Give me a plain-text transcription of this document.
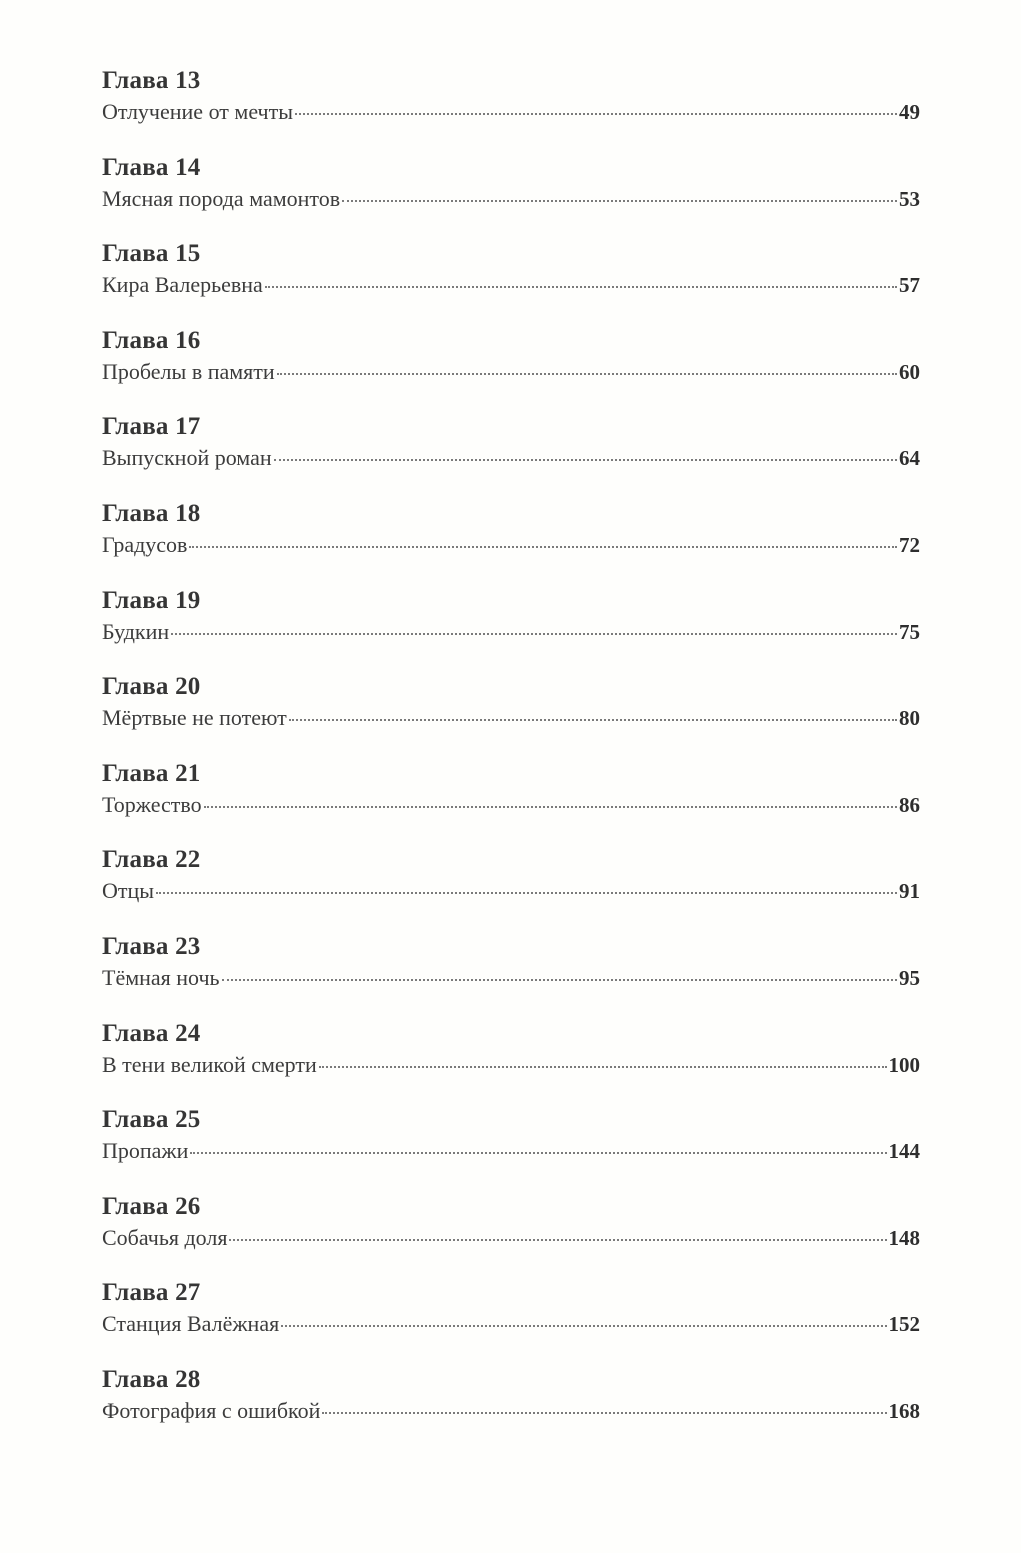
Глава 13
Отлучение от мечты	49
Глава 14
Мясная порода мамонтов	53
Глава 15
Кира Валерьевна	57
Глава 16
Пробелы в памяти	60
Глава 17
Выпускной роман	64
Глава 18
Градусов	72
Глава 19
Будкин	75
Глава 20
Мёртвые не потеют	80
Глава 21
Торжество	86
Глава 22
Отцы	91
Глава 23
Тёмная ночь	95
Глава 24
В тени великой смерти	100
Глава 25
Пропажи	144
Глава 26
Собачья доля	148
Глава 27
Станция Валёжная	152
Глава 28
Фотография с ошибкой	168
